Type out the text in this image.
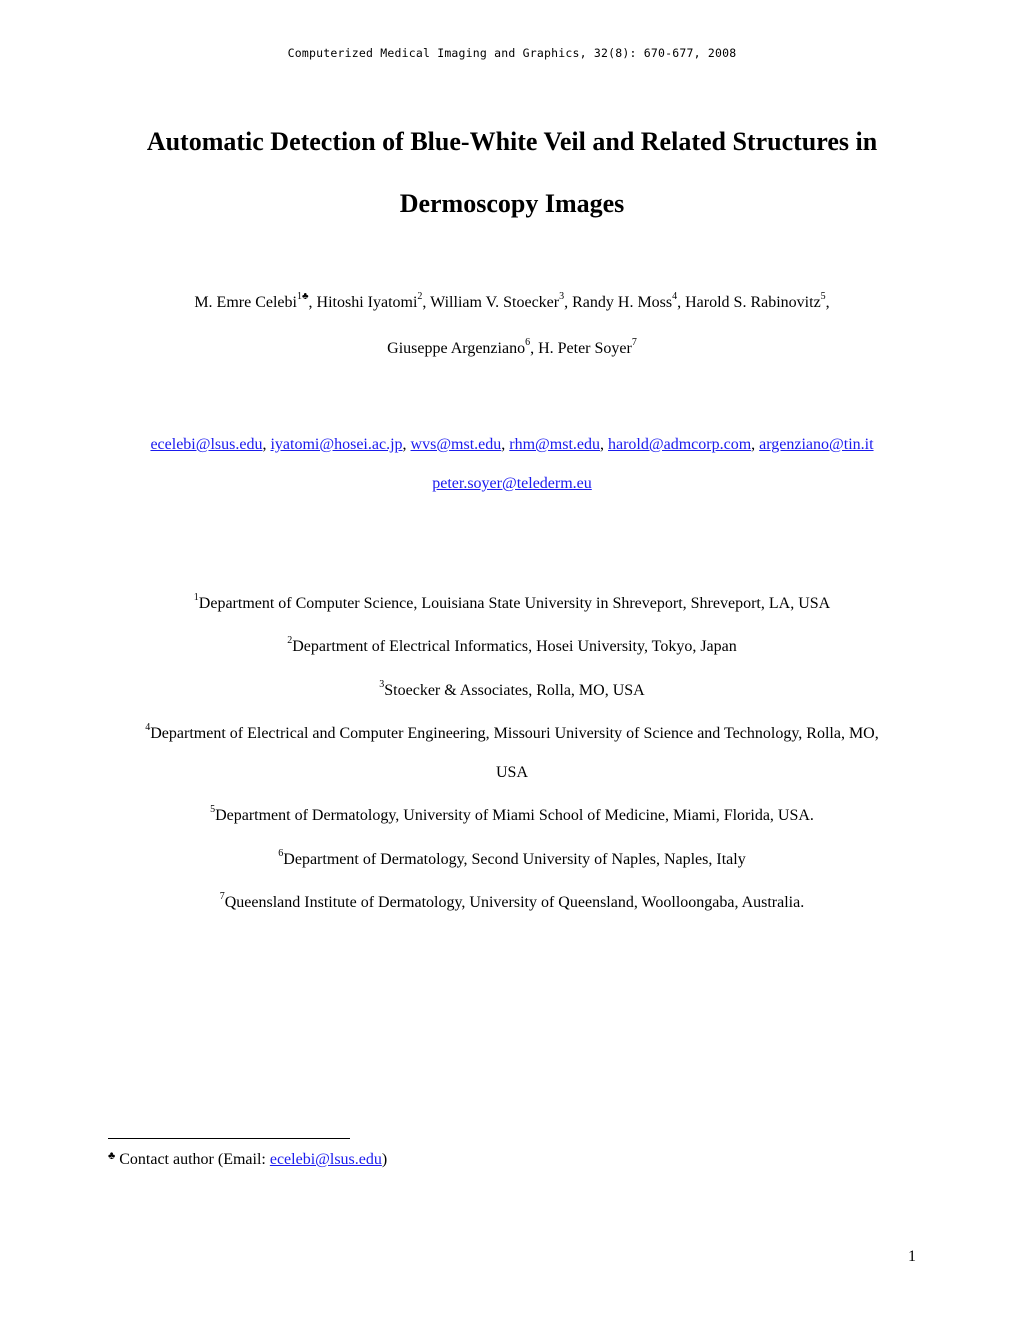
Computerized Medical Imaging and Graphics, 32(8): 670-677, 2008
Automatic Detection of Blue-White Veil and Related Structures in
Dermoscopy Images
M. Emre Celebi$^{1♣}$, Hitoshi Iyatomi$^2$, William V. Stoecker$^3$, Randy H. Moss$^4$, Harold S. Rabinovitz$^5$,
Giuseppe Argenziano$^6$, H. Peter Soyer$^7$
ecelebi@lsus.edu, iyatomi@hosei.ac.jp, wvs@mst.edu, rhm@mst.edu, harold@admcorp.com, argenziano@tin.it
peter.soyer@telederm.eu
$^1$Department of Computer Science, Louisiana State University in Shreveport, Shreveport, LA, USA
$^2$Department of Electrical Informatics, Hosei University, Tokyo, Japan
$^3$Stoecker & Associates, Rolla, MO, USA
$^4$Department of Electrical and Computer Engineering, Missouri University of Science and Technology, Rolla, MO,
USA
$^5$Department of Dermatology, University of Miami School of Medicine, Miami, Florida, USA.
$^6$Department of Dermatology, Second University of Naples, Naples, Italy
$^7$Queensland Institute of Dermatology, University of Queensland, Woolloongaba, Australia.
♣ Contact author (Email: ecelebi@lsus.edu)
1
